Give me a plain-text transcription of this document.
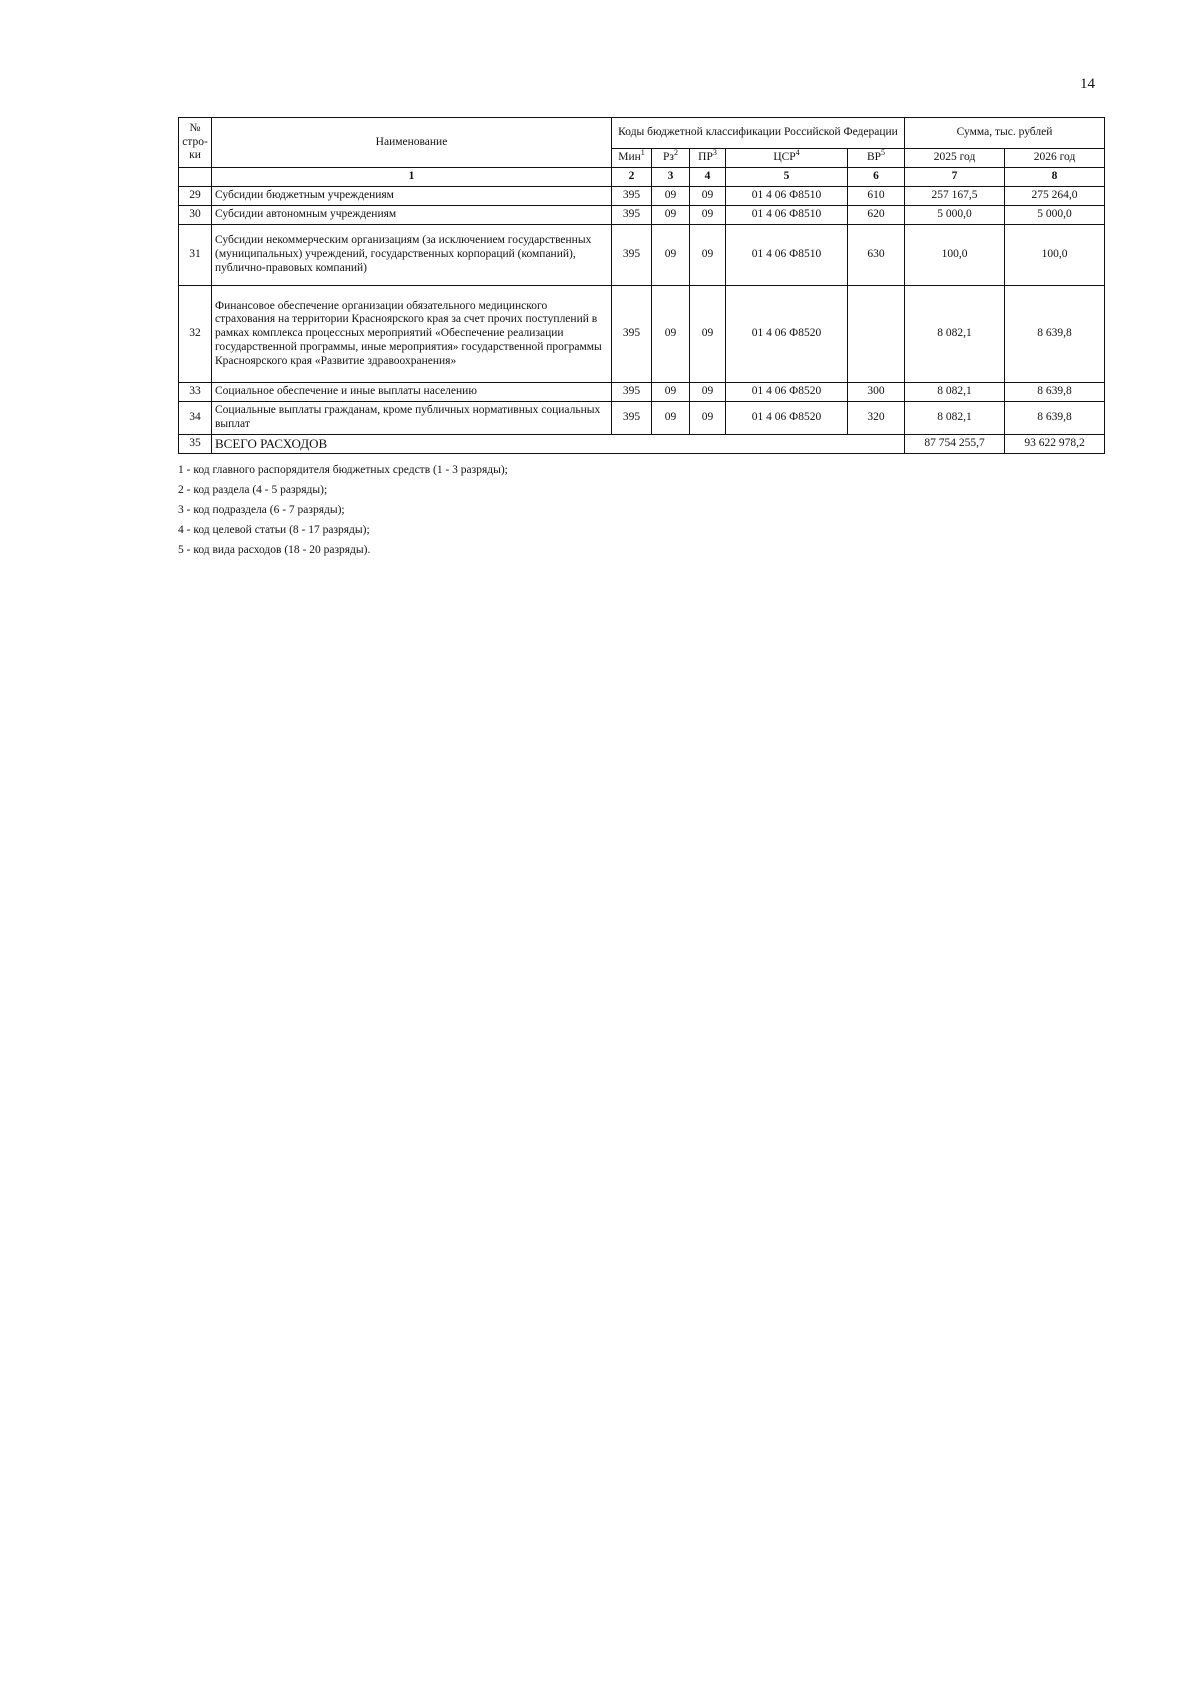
14
№
стро-
ки	Наименование	Коды бюджетной классификации Российской Федерации					Сумма, тыс. рублей	
		Мин$^1$	$Рз^2$	$ПР^3$	ЦСР$^4$	$ВР^5$	2025 год	2026 год
	1	2	3	4	5	6	7	8
29	Субсидии бюджетным учреждениям	395	09	09	01 4 06 Ф8510	610	257 167,5	275 264,0
30	Субсидии автономным учреждениям	395	09	09	01 4 06 Ф8510	620	5 000,0	5 000,0
31	Субсидии некоммерческим организациям (за исключением государственных (муниципальных) учреждений, государственных корпораций (компаний), публично-правовых компаний)	395	09	09	01 4 06 Ф8510	630	100,0	100,0
32	Финансовое обеспечение организации обязательного медицинского страхования на территории Красноярского края за счет прочих поступлений в рамках комплекса процессных мероприятий «Обеспечение реализации государственной программы, иные мероприятия» государственной программы Красноярского края «Развитие здравоохранения»	395	09	09	01 4 06 Ф8520		8 082,1	8 639,8
33	Социальное обеспечение и иные выплаты населению	395	09	09	01 4 06 Ф8520	300	8 082,1	8 639,8
34	Социальные выплаты гражданам, кроме публичных нормативных социальных выплат	395	09	09	01 4 06 Ф8520	320	8 082,1	8 639,8
35	ВСЕГО РАСХОДОВ						87 754 255,7	93 622 978,2
1 - код главного распорядителя бюджетных средств (1 - 3 разряды);
2 - код раздела (4 - 5 разряды);
3 - код подраздела (6 - 7 разряды);
4 - код целевой статьи (8 - 17 разряды);
5 - код вида расходов (18 - 20 разряды).
